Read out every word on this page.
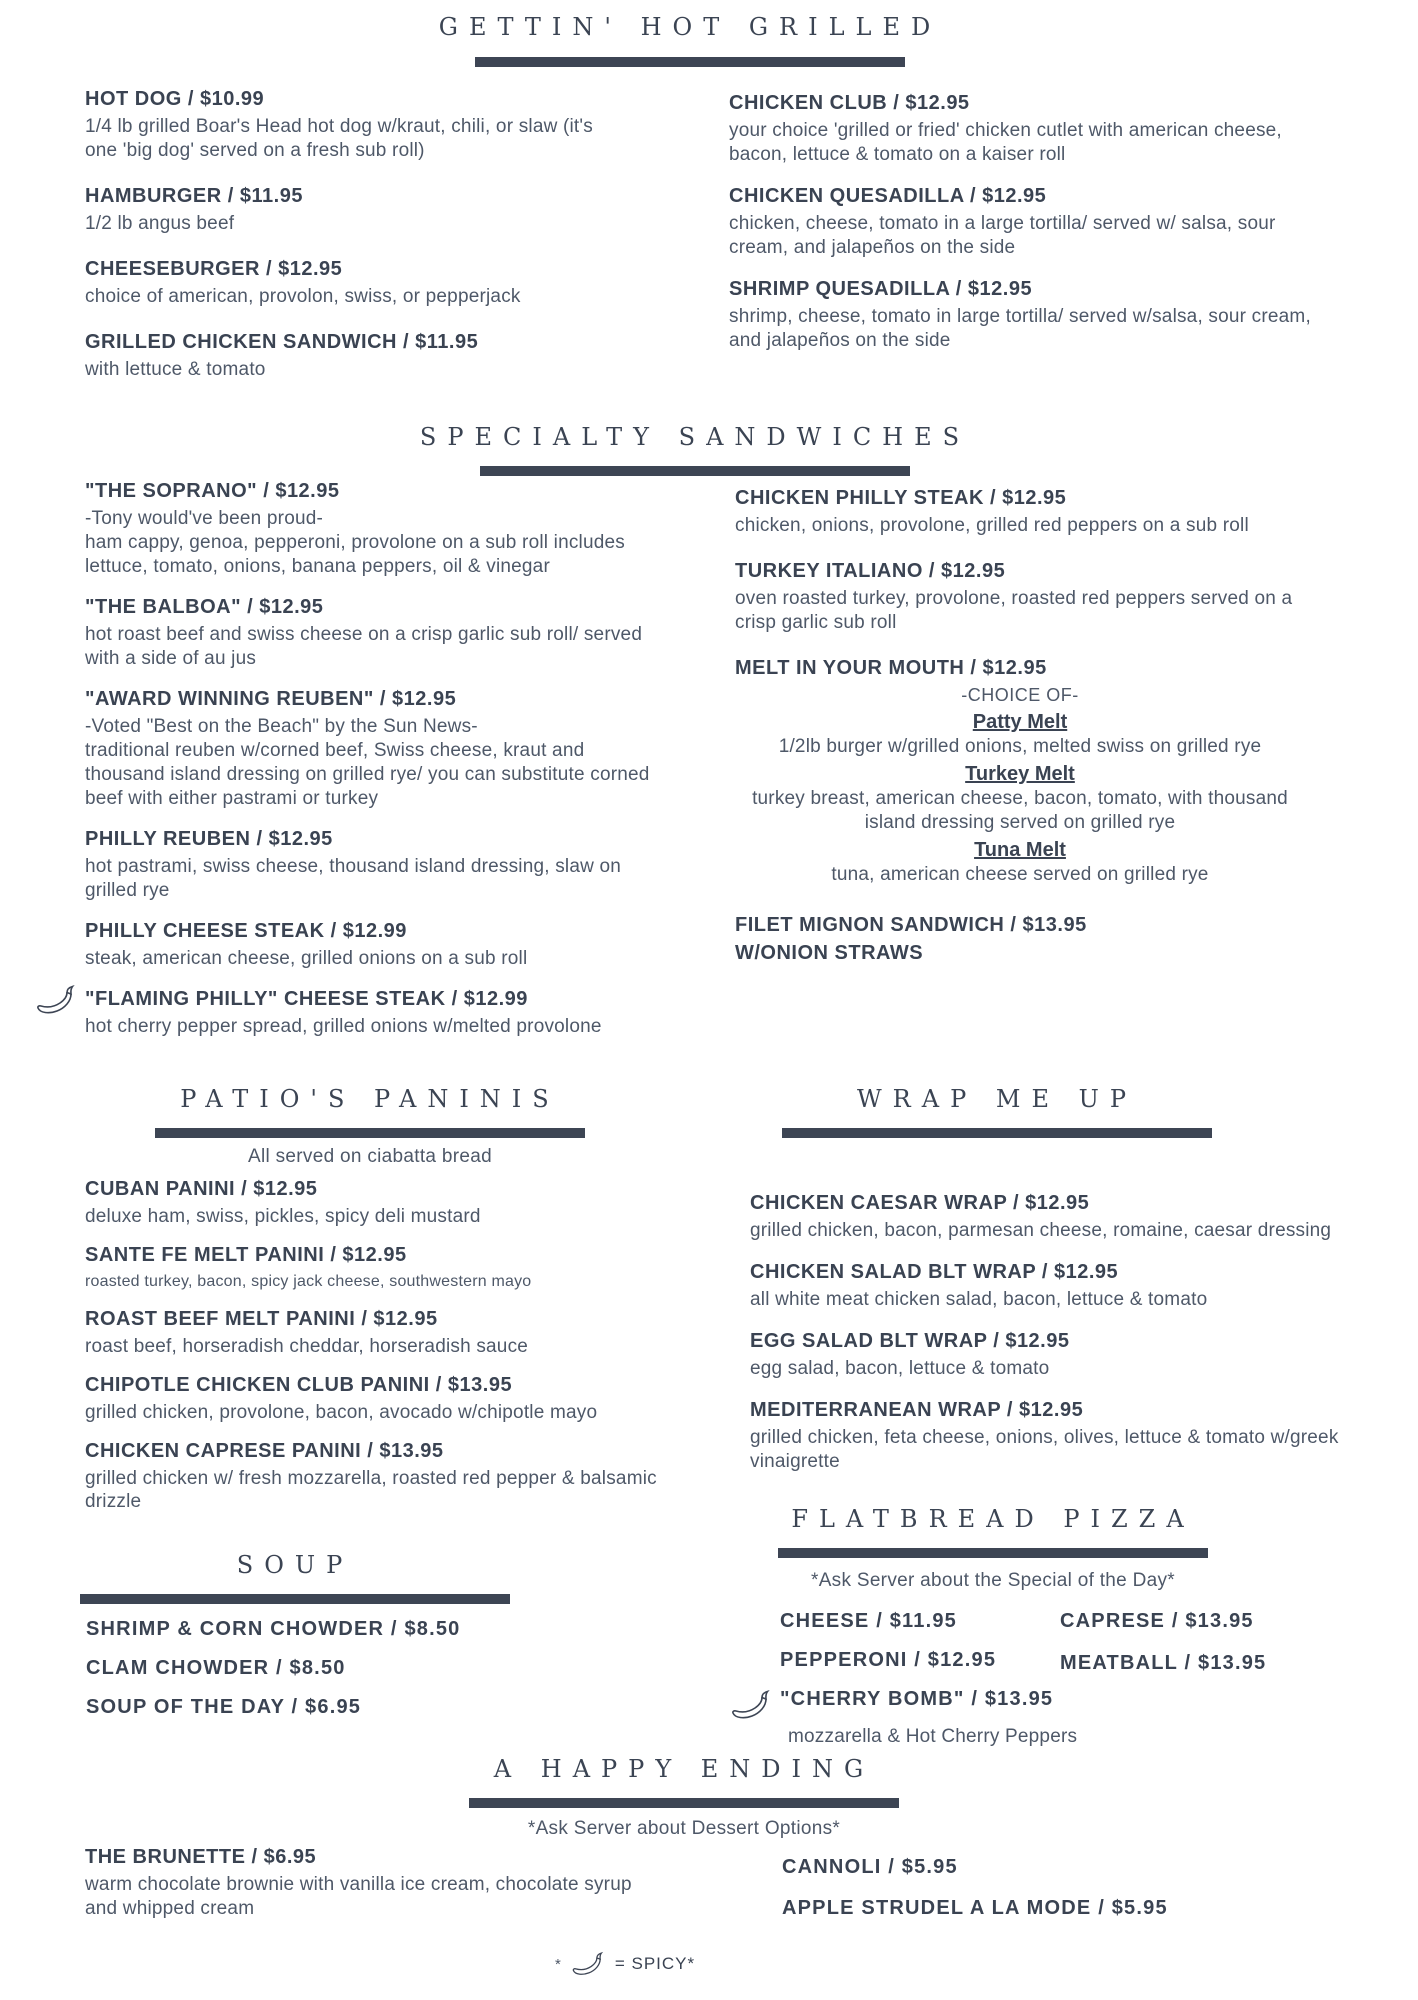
GETTIN' HOT GRILLED
HOT DOG / $10.99
1/4 lb grilled Boar's Head hot dog w/kraut, chili, or slaw (it's one 'big dog' served on a fresh sub roll)
HAMBURGER / $11.95
1/2 lb angus beef
CHEESEBURGER / $12.95
choice of american, provolon, swiss, or pepperjack
GRILLED CHICKEN SANDWICH / $11.95
with lettuce & tomato
CHICKEN CLUB / $12.95
your choice 'grilled or fried' chicken cutlet with american cheese, bacon, lettuce & tomato on a kaiser roll
CHICKEN QUESADILLA / $12.95
chicken, cheese, tomato in a large tortilla/ served w/ salsa, sour cream, and jalapeños on the side
SHRIMP QUESADILLA / $12.95
shrimp, cheese, tomato in large tortilla/ served w/salsa, sour cream, and jalapeños on the side
SPECIALTY SANDWICHES
"THE SOPRANO" / $12.95
-Tony would've been proud-
ham cappy, genoa, pepperoni, provolone on a sub roll includes lettuce, tomato, onions, banana peppers, oil & vinegar
"THE BALBOA" / $12.95
hot roast beef and swiss cheese on a crisp garlic sub roll/ served with a side of au jus
"AWARD WINNING REUBEN" / $12.95
-Voted "Best on the Beach" by the Sun News-
traditional reuben w/corned beef, Swiss cheese, kraut and thousand island dressing on grilled rye/ you can substitute corned beef with either pastrami or turkey
PHILLY REUBEN / $12.95
hot pastrami, swiss cheese, thousand island dressing, slaw on grilled rye
PHILLY CHEESE STEAK / $12.99
steak, american cheese, grilled onions on a sub roll
"FLAMING PHILLY" CHEESE STEAK / $12.99
hot cherry pepper spread, grilled onions w/melted provolone
CHICKEN PHILLY STEAK / $12.95
chicken, onions, provolone, grilled red peppers on a sub roll
TURKEY ITALIANO / $12.95
oven roasted turkey, provolone, roasted red peppers served on a crisp garlic sub roll
MELT IN YOUR MOUTH / $12.95
-CHOICE OF-
Patty Melt
1/2lb burger w/grilled onions, melted swiss on grilled rye
Turkey Melt
turkey breast, american cheese, bacon, tomato, with thousand island dressing served on grilled rye
Tuna Melt
tuna, american cheese served on grilled rye
FILET MIGNON SANDWICH / $13.95
W/ONION STRAWS
PATIO'S PANINIS
All served on ciabatta bread
CUBAN PANINI / $12.95
deluxe ham, swiss, pickles, spicy deli mustard
SANTE FE MELT PANINI / $12.95
roasted turkey, bacon, spicy jack cheese, southwestern mayo
ROAST BEEF MELT PANINI / $12.95
roast beef, horseradish cheddar, horseradish sauce
CHIPOTLE CHICKEN CLUB PANINI / $13.95
grilled chicken, provolone, bacon, avocado w/chipotle mayo
CHICKEN CAPRESE PANINI / $13.95
grilled chicken w/ fresh mozzarella, roasted red pepper & balsamic drizzle
WRAP ME UP
CHICKEN CAESAR WRAP / $12.95
grilled chicken, bacon, parmesan cheese, romaine, caesar dressing
CHICKEN SALAD BLT WRAP / $12.95
all white meat chicken salad, bacon, lettuce & tomato
EGG SALAD BLT WRAP / $12.95
egg salad, bacon, lettuce & tomato
MEDITERRANEAN WRAP / $12.95
grilled chicken, feta cheese, onions, olives, lettuce & tomato w/greek vinaigrette
SOUP
SHRIMP & CORN CHOWDER / $8.50
CLAM CHOWDER / $8.50
SOUP OF THE DAY / $6.95
FLATBREAD PIZZA
*Ask Server about the Special of the Day*
CHEESE / $11.95
PEPPERONI / $12.95
"CHERRY BOMB" / $13.95
mozzarella & Hot Cherry Peppers
CAPRESE / $13.95
MEATBALL / $13.95
A HAPPY ENDING
*Ask Server about Dessert Options*
THE BRUNETTE / $6.95
warm chocolate brownie with vanilla ice cream, chocolate syrup and whipped cream
CANNOLI / $5.95
APPLE STRUDEL A LA MODE / $5.95
*	= SPICY*
